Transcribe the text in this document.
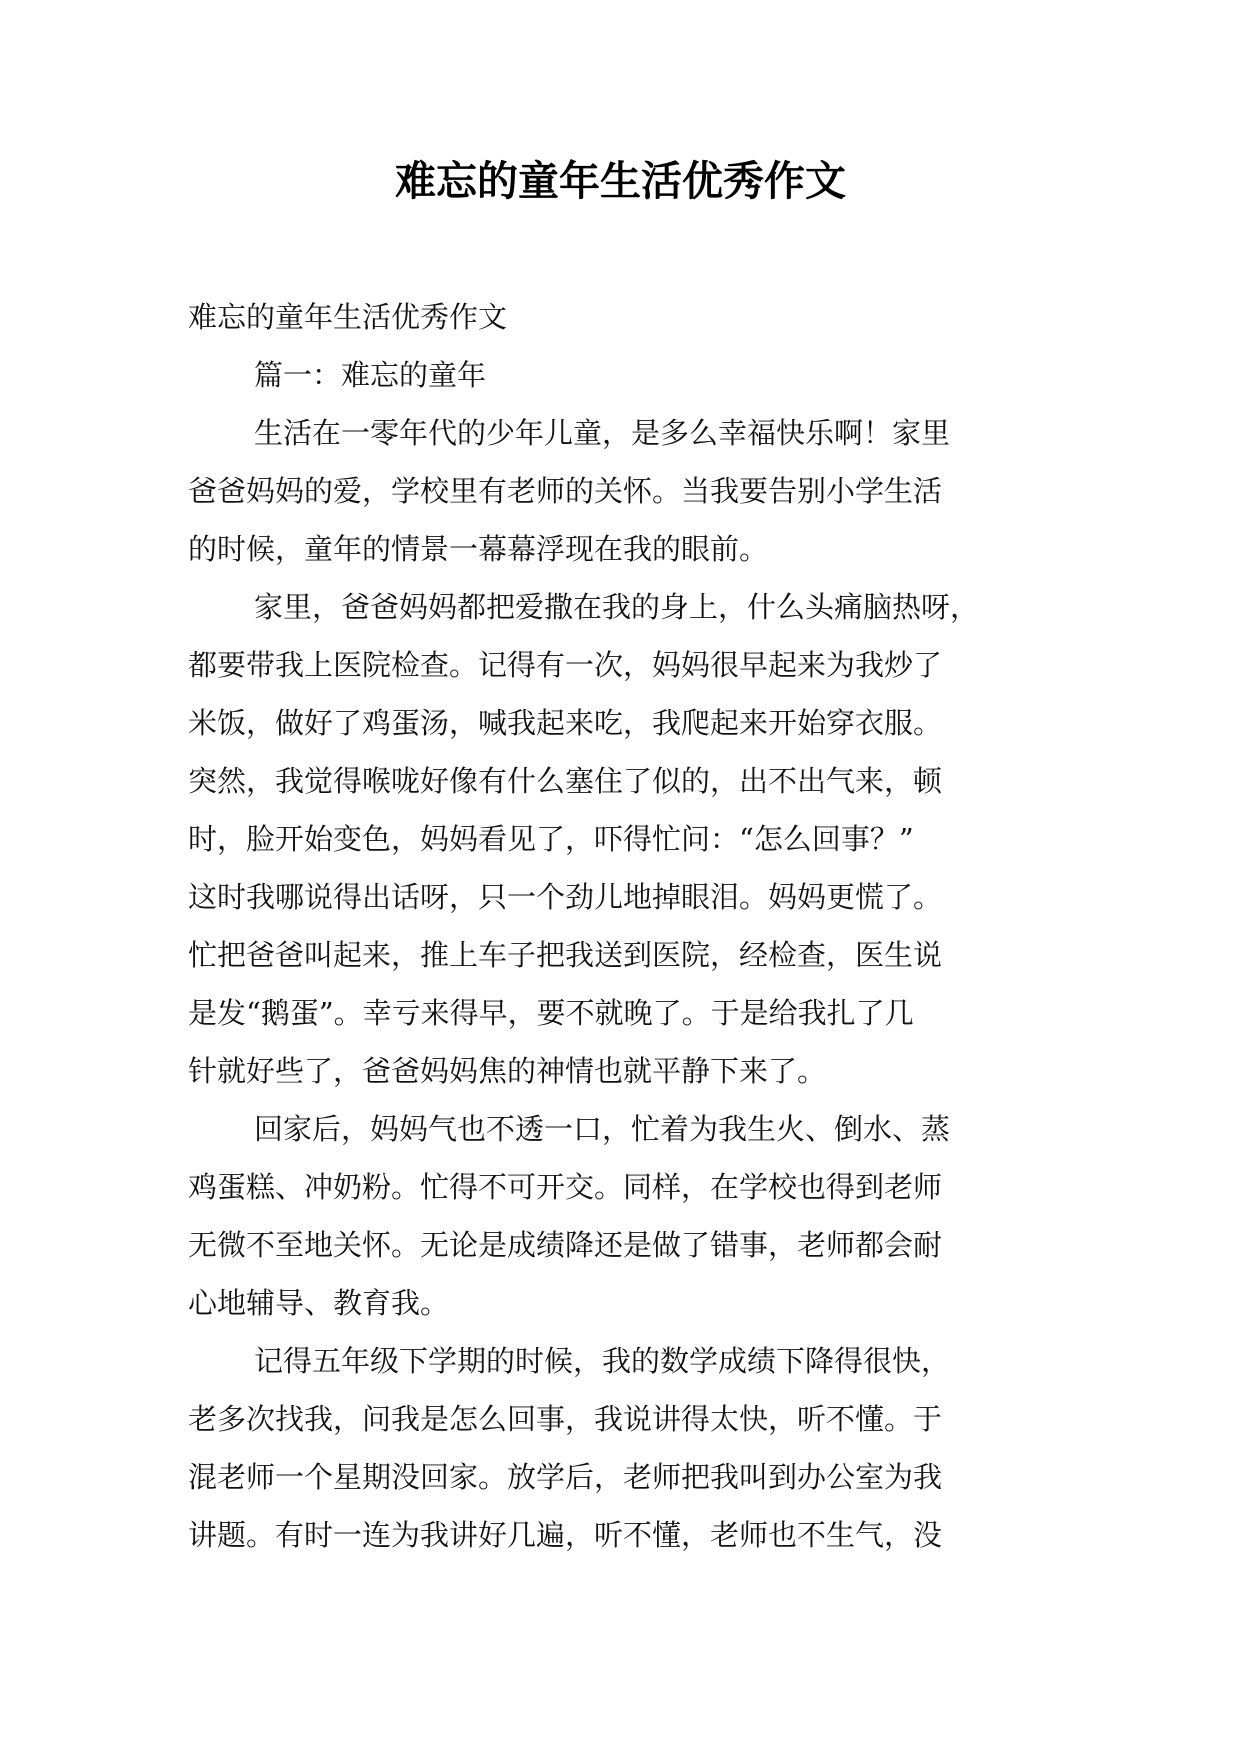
难忘的童年生活优秀作文

难忘的童年生活优秀作文

篇一：难忘的童年

生活在一零年代的少年儿童，是多么幸福快乐啊！家里
爸爸妈妈的爱，学校里有老师的关怀。当我要告别小学生活
的时候，童年的情景一幕幕浮现在我的眼前。

家里，爸爸妈妈都把爱撒在我的身上，什么头痛脑热呀，
都要带我上医院检查。记得有一次，妈妈很早起来为我炒了
米饭，做好了鸡蛋汤，喊我起来吃，我爬起来开始穿衣服。
突然，我觉得喉咙好像有什么塞住了似的，出不出气来，顿
时，脸开始变色，妈妈看见了，吓得忙问：“怎么回事？”
这时我哪说得出话呀，只一个劲儿地掉眼泪。妈妈更慌了。
忙把爸爸叫起来，推上车子把我送到医院，经检查，医生说
是发“鹅蛋”。幸亏来得早，要不就晚了。于是给我扎了几
针就好些了，爸爸妈妈焦的神情也就平静下来了。

回家后，妈妈气也不透一口，忙着为我生火、倒水、蒸
鸡蛋糕、冲奶粉。忙得不可开交。同样，在学校也得到老师
无微不至地关怀。无论是成绩降还是做了错事，老师都会耐
心地辅导、教育我。

记得五年级下学期的时候，我的数学成绩下降得很快，
老多次找我，问我是怎么回事，我说讲得太快，听不懂。于
混老师一个星期没回家。放学后，老师把我叫到办公室为我
讲题。有时一连为我讲好几遍，听不懂，老师也不生气，没
